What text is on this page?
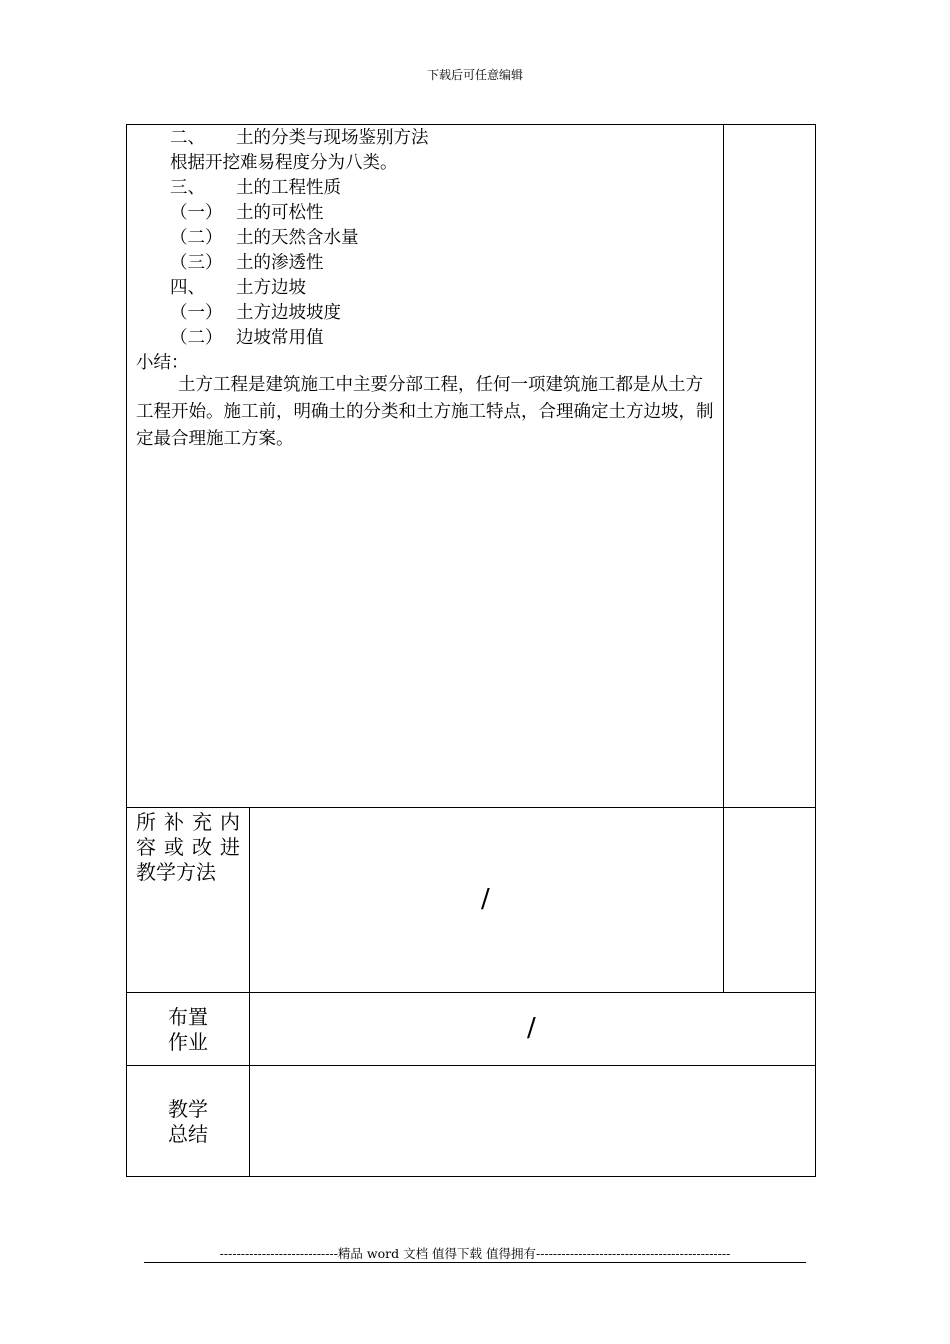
下载后可任意编辑
二、 土的分类与现场鉴别方法
根据开挖难易程度分为八类。
三、 土的工程性质
（一） 土的可松性
（二） 土的天然含水量
（三） 土的渗透性
四、 土方边坡
（一） 土方边坡坡度
（二） 边坡常用值
小结：
土方工程是建筑施工中主要分部工程，任何一项建筑施工都是从土方工程开始。施工前，明确土的分类和土方施工特点，合理确定土方边坡，制定最合理施工方案。
所 补 充 内
容 或 改 进
教学方法
/
布置
作业	/
教学
总结
----------------------------精品 word 文档 值得下载 值得拥有----------------------------------------------
